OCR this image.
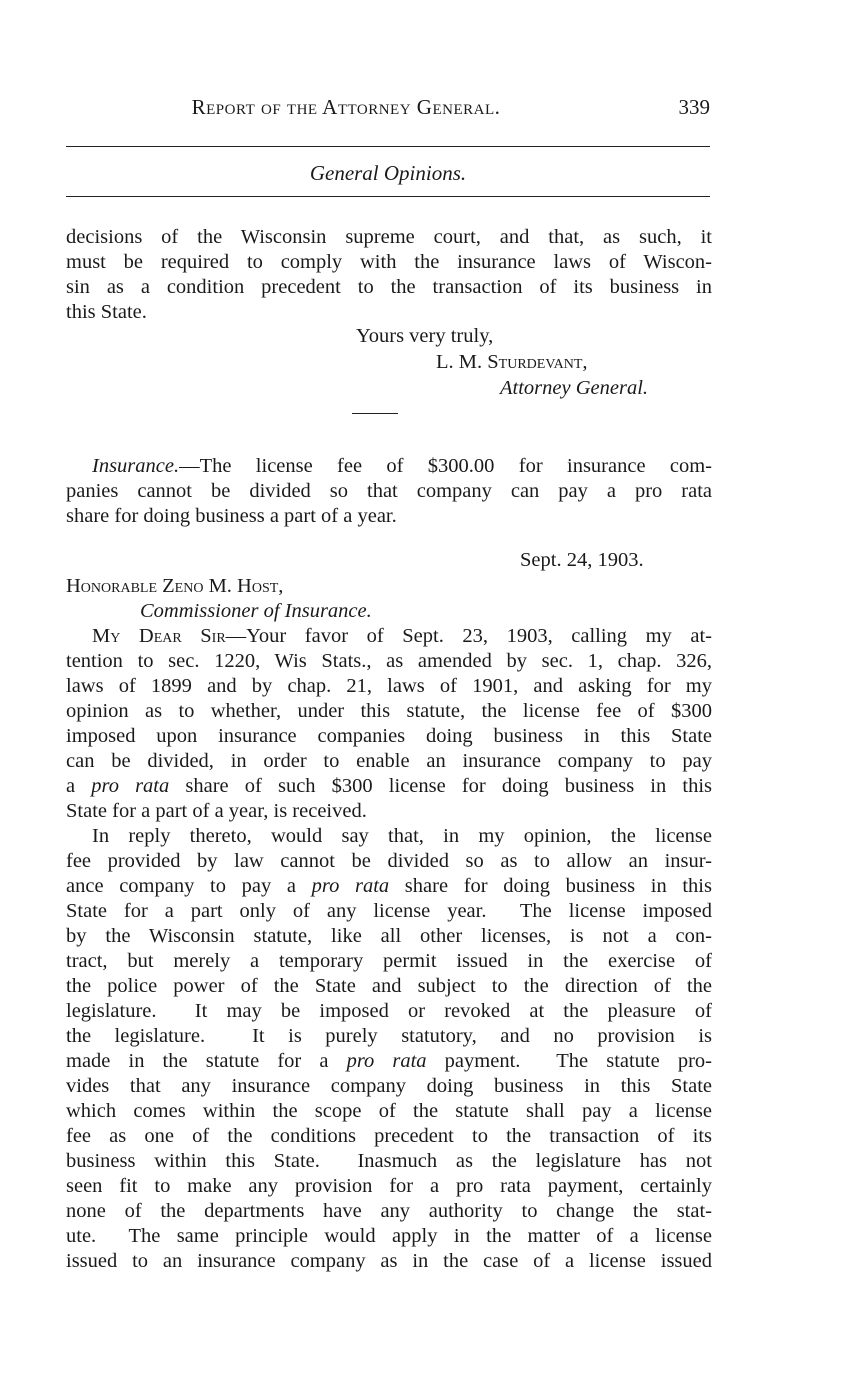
Report of the Attorney General.	339
General Opinions.
decisions of the Wisconsin supreme court, and that, as such, it
must be required to comply with the insurance laws of Wiscon-
sin as a condition precedent to the transaction of its business in
this State.
Yours very truly,
L. M. Sturdevant,
Attorney General.
Insurance.—The license fee of $300.00 for insurance com-
panies cannot be divided so that company can pay a pro rata
share for doing business a part of a year.
Sept. 24, 1903.
Honorable Zeno M. Host,
Commissioner of Insurance.
My Dear Sir—Your favor of Sept. 23, 1903, calling my at-
tention to sec. 1220, Wis Stats., as amended by sec. 1, chap. 326,
laws of 1899 and by chap. 21, laws of 1901, and asking for my
opinion as to whether, under this statute, the license fee of $300
imposed upon insurance companies doing business in this State
can be divided, in order to enable an insurance company to pay
a pro rata share of such $300 license for doing business in this
State for a part of a year, is received.
In reply thereto, would say that, in my opinion, the license
fee provided by law cannot be divided so as to allow an insur-
ance company to pay a pro rata share for doing business in this
State for a part only of any license year.  The license imposed
by the Wisconsin statute, like all other licenses, is not a con-
tract, but merely a temporary permit issued in the exercise of
the police power of the State and subject to the direction of the
legislature.  It may be imposed or revoked at the pleasure of
the legislature.  It is purely statutory, and no provision is
made in the statute for a pro rata payment.  The statute pro-
vides that any insurance company doing business in this State
which comes within the scope of the statute shall pay a license
fee as one of the conditions precedent to the transaction of its
business within this State.  Inasmuch as the legislature has not
seen fit to make any provision for a pro rata payment, certainly
none of the departments have any authority to change the stat-
ute.  The same principle would apply in the matter of a license
issued to an insurance company as in the case of a license issued
